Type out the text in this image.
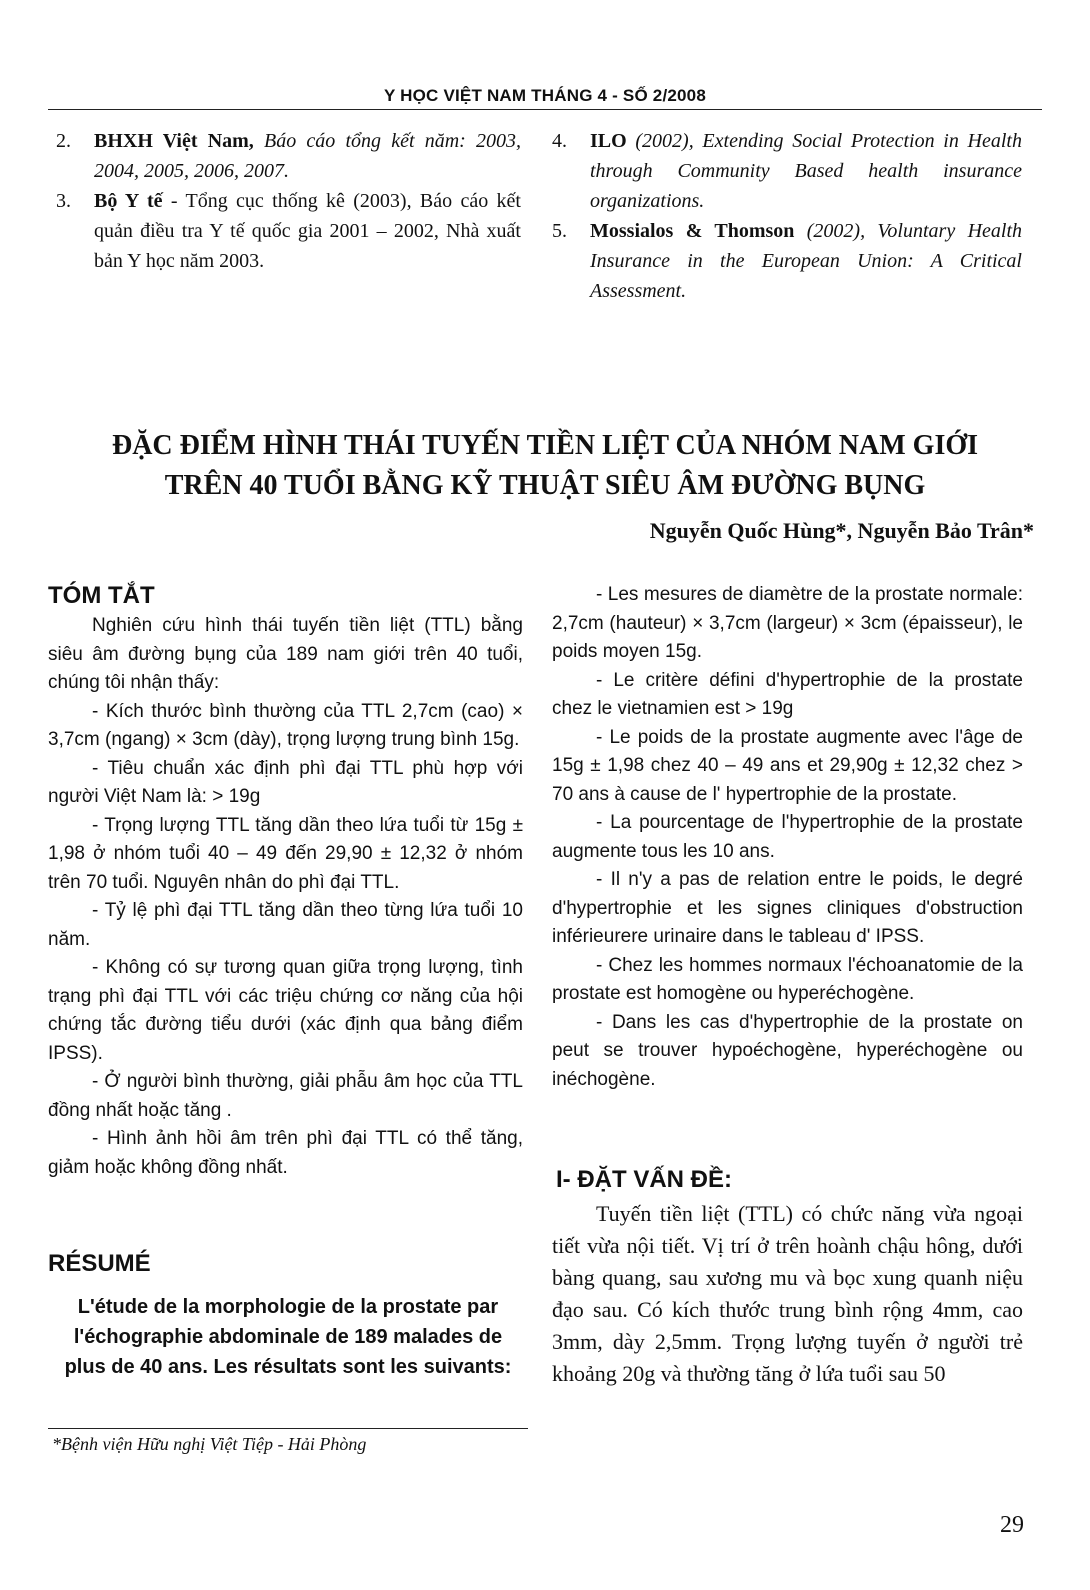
Y HỌC VIỆT NAM THÁNG 4 - SỐ 2/2008
2. BHXH Việt Nam, Báo cáo tổng kết năm: 2003, 2004, 2005, 2006, 2007.
3. Bộ Y tế - Tổng cục thống kê (2003), Báo cáo kết quản điều tra Y tế quốc gia 2001 – 2002, Nhà xuất bản Y học năm 2003.
4. ILO (2002), Extending Social Protection in Health through Community Based health insurance organizations.
5. Mossialos & Thomson (2002), Voluntary Health Insurance in the European Union: A Critical Assessment.
ĐẶC ĐIỂM HÌNH THÁI TUYẾN TIỀN LIỆT CỦA NHÓM NAM GIỚI
TRÊN 40 TUỔI BẰNG KỸ THUẬT SIÊU ÂM ĐƯỜNG BỤNG
Nguyễn Quốc Hùng*, Nguyễn Bảo Trân*
TÓM TẮT

Nghiên cứu hình thái tuyến tiền liệt (TTL) bằng siêu âm đường bụng của 189 nam giới trên 40 tuổi, chúng tôi nhận thấy:

- Kích thước bình thường của TTL 2,7cm (cao) × 3,7cm (ngang) × 3cm (dày), trọng lượng trung bình 15g.

- Tiêu chuẩn xác định phì đại TTL phù hợp với người Việt Nam là: > 19g

- Trọng lượng TTL tăng dần theo lứa tuổi từ 15g ± 1,98 ở nhóm tuổi 40 – 49 đến 29,90 ± 12,32 ở nhóm trên 70 tuổi. Nguyên nhân do phì đại TTL.

- Tỷ lệ phì đại TTL tăng dần theo từng lứa tuổi 10 năm.

- Không có sự tương quan giữa trọng lượng, tình trạng phì đại TTL với các triệu chứng cơ năng của hội chứng tắc đường tiểu dưới (xác định qua bảng điểm IPSS).

- Ở người bình thường, giải phẫu âm học của TTL đồng nhất hoặc tăng .

- Hình ảnh hồi âm trên phì đại TTL có thể tăng, giảm hoặc không đồng nhất.

RÉSUMÉ
L'étude de la morphologie de la prostate par l'échographie abdominale de 189 malades de plus de 40 ans. Les résultats sont les suivants:

- Les mesures de diamètre de la prostate normale: 2,7cm (hauteur) × 3,7cm (largeur) × 3cm (épaisseur), le poids moyen 15g.

- Le critère défini d'hypertrophie de la prostate chez le vietnamien est > 19g

- Le poids de la prostate augmente avec l'âge de 15g ± 1,98 chez 40 – 49 ans et 29,90g ± 12,32 chez > 70 ans à cause de l' hypertrophie de la prostate.

- La pourcentage de l'hypertrophie de la prostate augmente tous les 10 ans.

- Il n'y a pas de relation entre le poids, le degré d'hypertrophie et les signes cliniques d'obstruction inférieurere urinaire dans le tableau d' IPSS.

- Chez les hommes normaux l'échoanatomie de la prostate est homogène ou hyperéchogène.

- Dans les cas d'hypertrophie de la prostate on peut se trouver hypoéchogène, hyperéchogène ou inéchogène.

I- ĐẶT VẤN ĐỀ:

Tuyến tiền liệt (TTL) có chức năng vừa ngoại tiết vừa nội tiết. Vị trí ở trên hoành chậu hông, dưới bàng quang, sau xương mu và bọc xung quanh niệu đạo sau. Có kích thước trung bình rộng 4mm, cao 3mm, dày 2,5mm. Trọng lượng tuyến ở người trẻ khoảng 20g và thường tăng ở lứa tuổi sau 50

*Bệnh viện Hữu nghị Việt Tiệp - Hải Phòng
29
